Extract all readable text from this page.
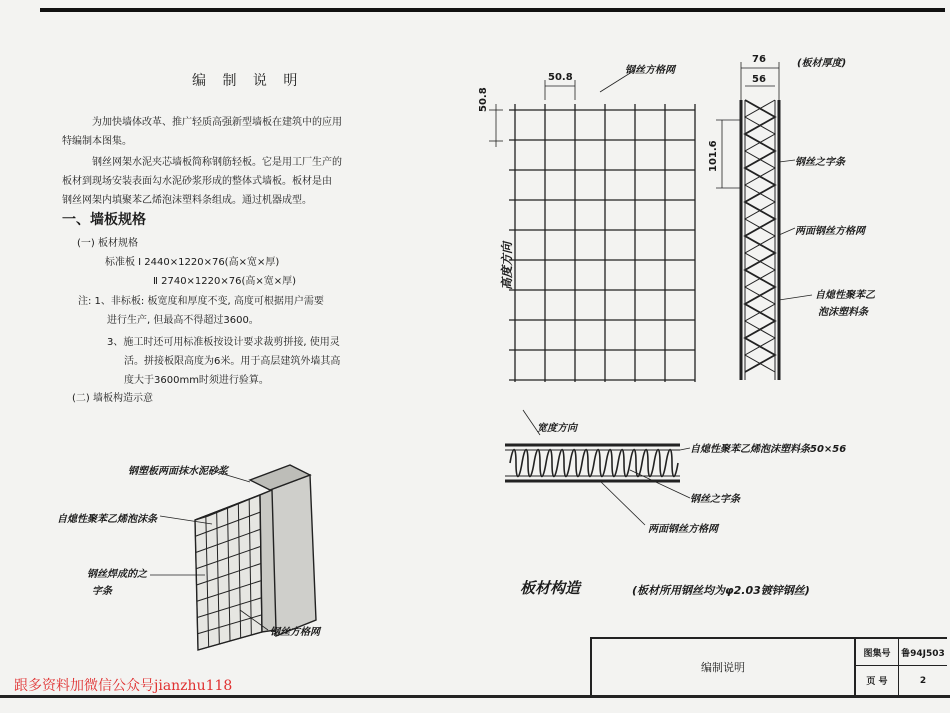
编 制 说 明
为加快墙体改革、推广轻质高强新型墙板在建筑中的应用
特编制本图集。
钢丝网架水泥夹芯墙板简称钢筋轻板。它是用工厂生产的
板材到现场安装表面勾水泥砂浆形成的整体式墙板。板材是由
钢丝网架内填聚苯乙烯泡沫塑料条组成。通过机器成型。
一、墙板规格
(一) 板材规格
标准板 Ⅰ 2440×1220×76(高×宽×厚)
Ⅱ 2740×1220×76(高×宽×厚)
注: 1、非标板: 板宽度和厚度不变, 高度可根据用户需要
进行生产, 但最高不得超过3600。
3、施工时还可用标准板按设计要求裁剪拼接, 使用灵
活。拼接板限高度为6米。用于高层建筑外墙其高
度大于3600mm时须进行验算。
(二) 墙板构造示意
50.8
50.8
钢丝方格网
高度方向
76	(板材厚度)
56
101.6	钢丝之字条
两面钢丝方格网
自熄性聚苯乙
泡沫塑料条
宽度方向
自熄性聚苯乙烯泡沫塑料条50×56
钢丝之字条
两面钢丝方格网
钢塑板两面抹水泥砂浆
自熄性聚苯乙烯泡沫条
钢丝焊成的之
字条
钢丝方格网
板材构造	(板材所用钢丝均为φ2.03镀锌钢丝)
编制说明
图集号	鲁94J503
页 号	2
跟多资料加微信公众号jianzhu118
